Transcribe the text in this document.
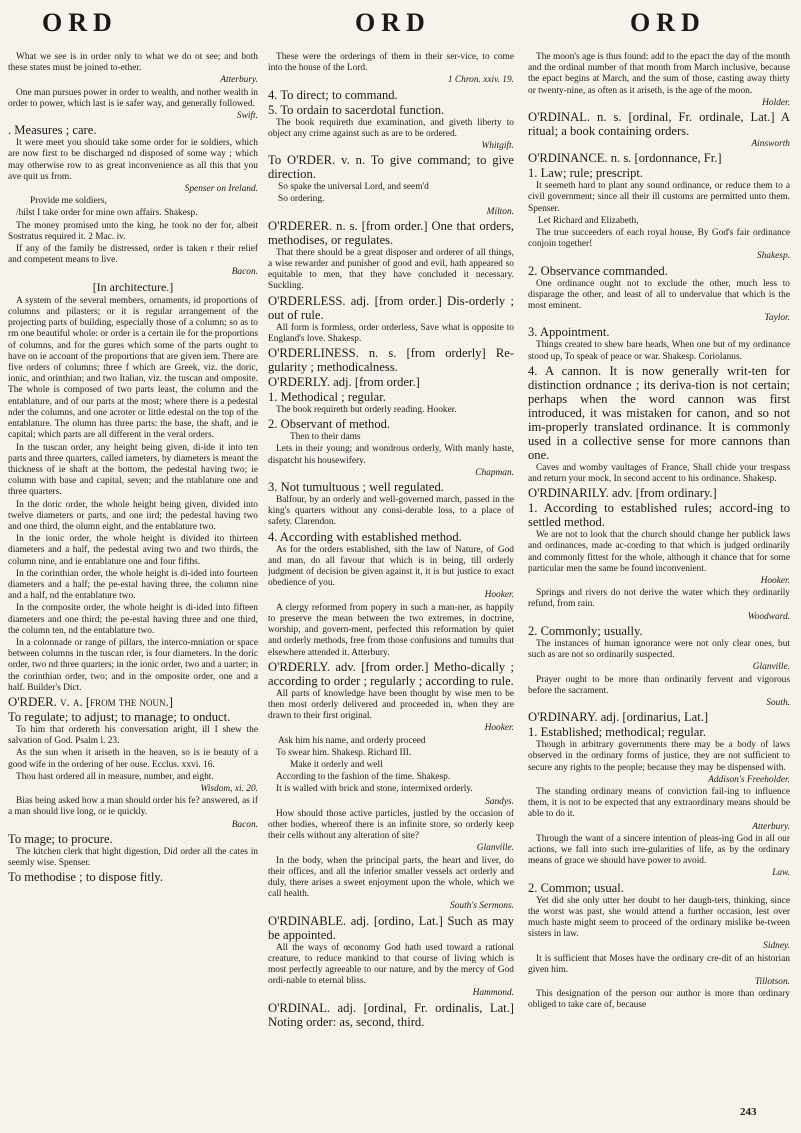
ORD	ORD	ORD

What we see is in order only to what we do ot see; and both these states must be joined to-ether.

Atterbury.

One man pursues power in order to wealth, and nother wealth in order to power, which last is ie safer way, and generally followed.

Swift.

. Measures ; care.

It were meet you should take some order for ie soldiers, which are now first to be discharged nd disposed of some way ; which may otherwise row to as great inconvenience as all this that you ave quit us from.

Spenser on Ireland.

Provide me soldiers,

/hilst I take order for mine own affairs. Shakesp.

The money promised unto the king, he took no der for, albeit Sostratus required it. 2 Mac. iv.

If any of the family be distressed, order is taken r their relief and competent means to live.

Bacon.

[In architecture.]

A system of the several members, ornaments, id proportions of columns and pilasters; or it is regular arrangement of the projecting parts of building, especially those of a column; so as to rm one beautiful whole: or order is a certain ile for the proportions of columns, and for the gures which some of the parts ought to have on ie account of the proportions that are given iem. There are five orders of columns; three f which are Greek, viz. the doric, ionic, and orinthian; and two Italian, viz. the tuscan and omposite. The whole is composed of two parts least, the column and the entablature, and of our parts at the most; where there is a pedestal nder the columns, and one acroter or little edestal on the top of the entablature. The olumn has three parts: the base, the shaft, and ie capital; which parts are all different in the veral orders.

In the tuscan order, any height being given, di-ide it into ten parts and three quarters, called iameters, by diameters is meant the thickness of ie shaft at the bottom, the pedestal having two; ie column with base and capital, seven; and the ntablature one and three quarters.

In the doric order, the whole height being given, divided into twelve diameters or parts, and one iird; the pedestal having two and one third, the olumn eight, and the entablature two.

In the ionic order, the whole height is divided ito thirteen diameters and a half, the pedestal aving two and two thirds, the column nine, and ie entablature one and four fifths.

In the corinthian order, the whole height is di-ided into fourteen diameters and a half; the pe-estal having three, the column nine and a half, nd the entablature two.

In the composite order, the whole height is di-ided into fifteen diameters and one third; the pe-estal having three and one third, the column ten, nd the entablature two.

In a colonnade or range of pillars, the interco-mniation or space between columns in the tuscan rder, is four diameters. In the doric order, two nd three quarters; in the ionic order, two and a uarter; in the corinthian order, two; and in the omposite order, one and a half. Builder's Dict.

O'RDER. v. a. [from the noun.]

To regulate; to adjust; to manage; to onduct.

To him that ordereth his conversation aright, ill I shew the salvation of God. Psalm l. 23.

As the sun when it ariseth in the heaven, so is ie beauty of a good wife in the ordering of her ouse. Ecclus. xxvi. 16.

Thou hast ordered all in measure, number, and eight.

Wisdom, xi. 20.

Bias being asked how a man should order his fe? answered, as if a man should live long, or ie quickly.

Bacon.

To mage; to procure.

The kitchen clerk that hight digestion, Did order all the cates in seemly wise. Spenser.

To methodise ; to dispose fitly.

These were the orderings of them in their ser-vice, to come into the house of the Lord.

1 Chron. xxiv. 19.

4. To direct; to command.

5. To ordain to sacerdotal function.

The book requireth due examination, and giveth liberty to object any crime against such as are to be ordered.

Whitgift.

To O'RDER. v. n. To give command; to give direction.

So spake the universal Lord, and seem'd

So ordering.

Milton.

O'RDERER. n. s. [from order.] One that orders, methodises, or regulates.

That there should be a great disposer and orderer of all things, a wise rewarder and punisher of good and evil, hath appeared so equitable to men, that they have concluded it necessary. Suckling.

O'RDERLESS. adj. [from order.] Dis-orderly ; out of rule.

All form is formless, order orderless, Save what is opposite to England's love. Shakesp.

O'RDERLINESS. n. s. [from orderly] Re-gularity ; methodicalness.

O'RDERLY. adj. [from order.]

1. Methodical ; regular.

The book requireth but orderly reading. Hooker.

2. Observant of method.

Then to their dams

Lets in their young; and wondrous orderly, With manly haste, dispatcht his housewifery.

Chapman.

3. Not tumultuous ; well regulated.

Balfour, by an orderly and well-governed march, passed in the king's quarters without any consi-derable loss, to a place of safety. Clarendon.

4. According with established method.

As for the orders established, sith the law of Nature, of God and man, do all favour that which is in being, till orderly judgment of decision be given against it, it is but justice to exact obedience of you.

Hooker.

A clergy reformed from popery in such a man-ner, as happily to preserve the mean between the two extremes, in doctrine, worship, and govern-ment, perfected this reformation by quiet and orderly methods, free from those confusions and tumults that elsewhere attended it. Atterbury.

O'RDERLY. adv. [from order.] Metho-dically ; according to order ; regularly ; according to rule.

All parts of knowledge have been thought by wise men to be then most orderly delivered and proceeded in, when they are drawn to their first original.

Hooker.

Ask him his name, and orderly proceed

To swear him. Shakesp. Richard III.

Make it orderly and well

According to the fashion of the time. Shakesp.

It is walled with brick and stone, intermixed orderly.

Sandys.

How should those active particles, justled by the occasion of other bodies, whereof there is an infinite store, so orderly keep their cells without any alteration of site?

Glanville.

In the body, when the principal parts, the heart and liver, do their offices, and all the inferior smaller vessels act orderly and duly, there arises a sweet enjoyment upon the whole, which we call health.

South's Sermons.

O'RDINABLE. adj. [ordino, Lat.] Such as may be appointed.

All the ways of œconomy God hath used toward a rational creature, to reduce mankind to that course of living which is most perfectly agreeable to our nature, and by the mercy of God ordi-nable to eternal bliss.

Hammond.

O'RDINAL. adj. [ordinal, Fr. ordinalis, Lat.] Noting order: as, second, third.

The moon's age is thus found: add to the epact the day of the month and the ordinal number of that month from March inclusive, because the epact begins at March, and the sum of those, casting away thirty or twenty-nine, as often as it ariseth, is the age of the moon.

Holder.

O'RDINAL. n. s. [ordinal, Fr. ordinale, Lat.] A ritual; a book containing orders.

Ainsworth

O'RDINANCE. n. s. [ordonnance, Fr.]

1. Law; rule; prescript.

It seemeth hard to plant any sound ordinance, or reduce them to a civil government; since all their ill customs are permitted unto them. Spenser.

Let Richard and Elizabeth,

The true succeeders of each royal house, By God's fair ordinance conjoin together!

Shakesp.

2. Observance commanded.

One ordinance ought not to exclude the other, much less to disparage the other, and least of all to undervalue that which is the most eminent.

Taylor.

3. Appointment.

Things created to shew bare heads, When one but of my ordinance stood up, To speak of peace or war. Shakesp. Coriolanus.

4. A cannon. It is now generally writ-ten for distinction ordnance ; its deriva-tion is not certain; perhaps when the word cannon was first introduced, it was mistaken for canon, and so not im-properly translated ordinance. It is commonly used in a collective sense for more cannons than one.

Caves and womby vaultages of France, Shall chide your trespass and return your mock, In second accent to his ordinance. Shakesp.

O'RDINARILY. adv. [from ordinary.]

1. According to established rules; accord-ing to settled method.

We are not to look that the church should change her publick laws and ordinances, made ac-cording to that which is judged ordinarily and commonly fittest for the whole, although it chance that for some particular men the same be found inconvenient.

Hooker.

Springs and rivers do not derive the water which they ordinarily refund, from rain.

Woodward.

2. Commonly; usually.

The instances of human ignorance were not only clear ones, but such as are not so ordinarily suspected.

Glanville.

Prayer ought to be more than ordinarily fervent and vigorous before the sacrament.

South.

O'RDINARY. adj. [ordinarius, Lat.]

1. Established; methodical; regular.

Though in arbitrary governments there may be a body of laws observed in the ordinary forms of justice, they are not sufficient to secure any rights to the people; because they may be dispensed with.

Addison's Freeholder.

The standing ordinary means of conviction fail-ing to influence them, it is not to be expected that any extraordinary means should be able to do it.

Atterbury.

Through the want of a sincere intention of pleas-ing God in all our actions, we fall into such irre-gularities of life, as by the ordinary means of grace we should have power to avoid.

Law.

2. Common; usual.

Yet did she only utter her doubt to her daugh-ters, thinking, since the worst was past, she would attend a further occasion, lest over much haste might seem to proceed of the ordinary mislike be-tween sisters in law.

Sidney.

It is sufficient that Moses have the ordinary cre-dit of an historian given him.

Tillotson.

This designation of the person our author is more than ordinary obliged to take care of, because

243
